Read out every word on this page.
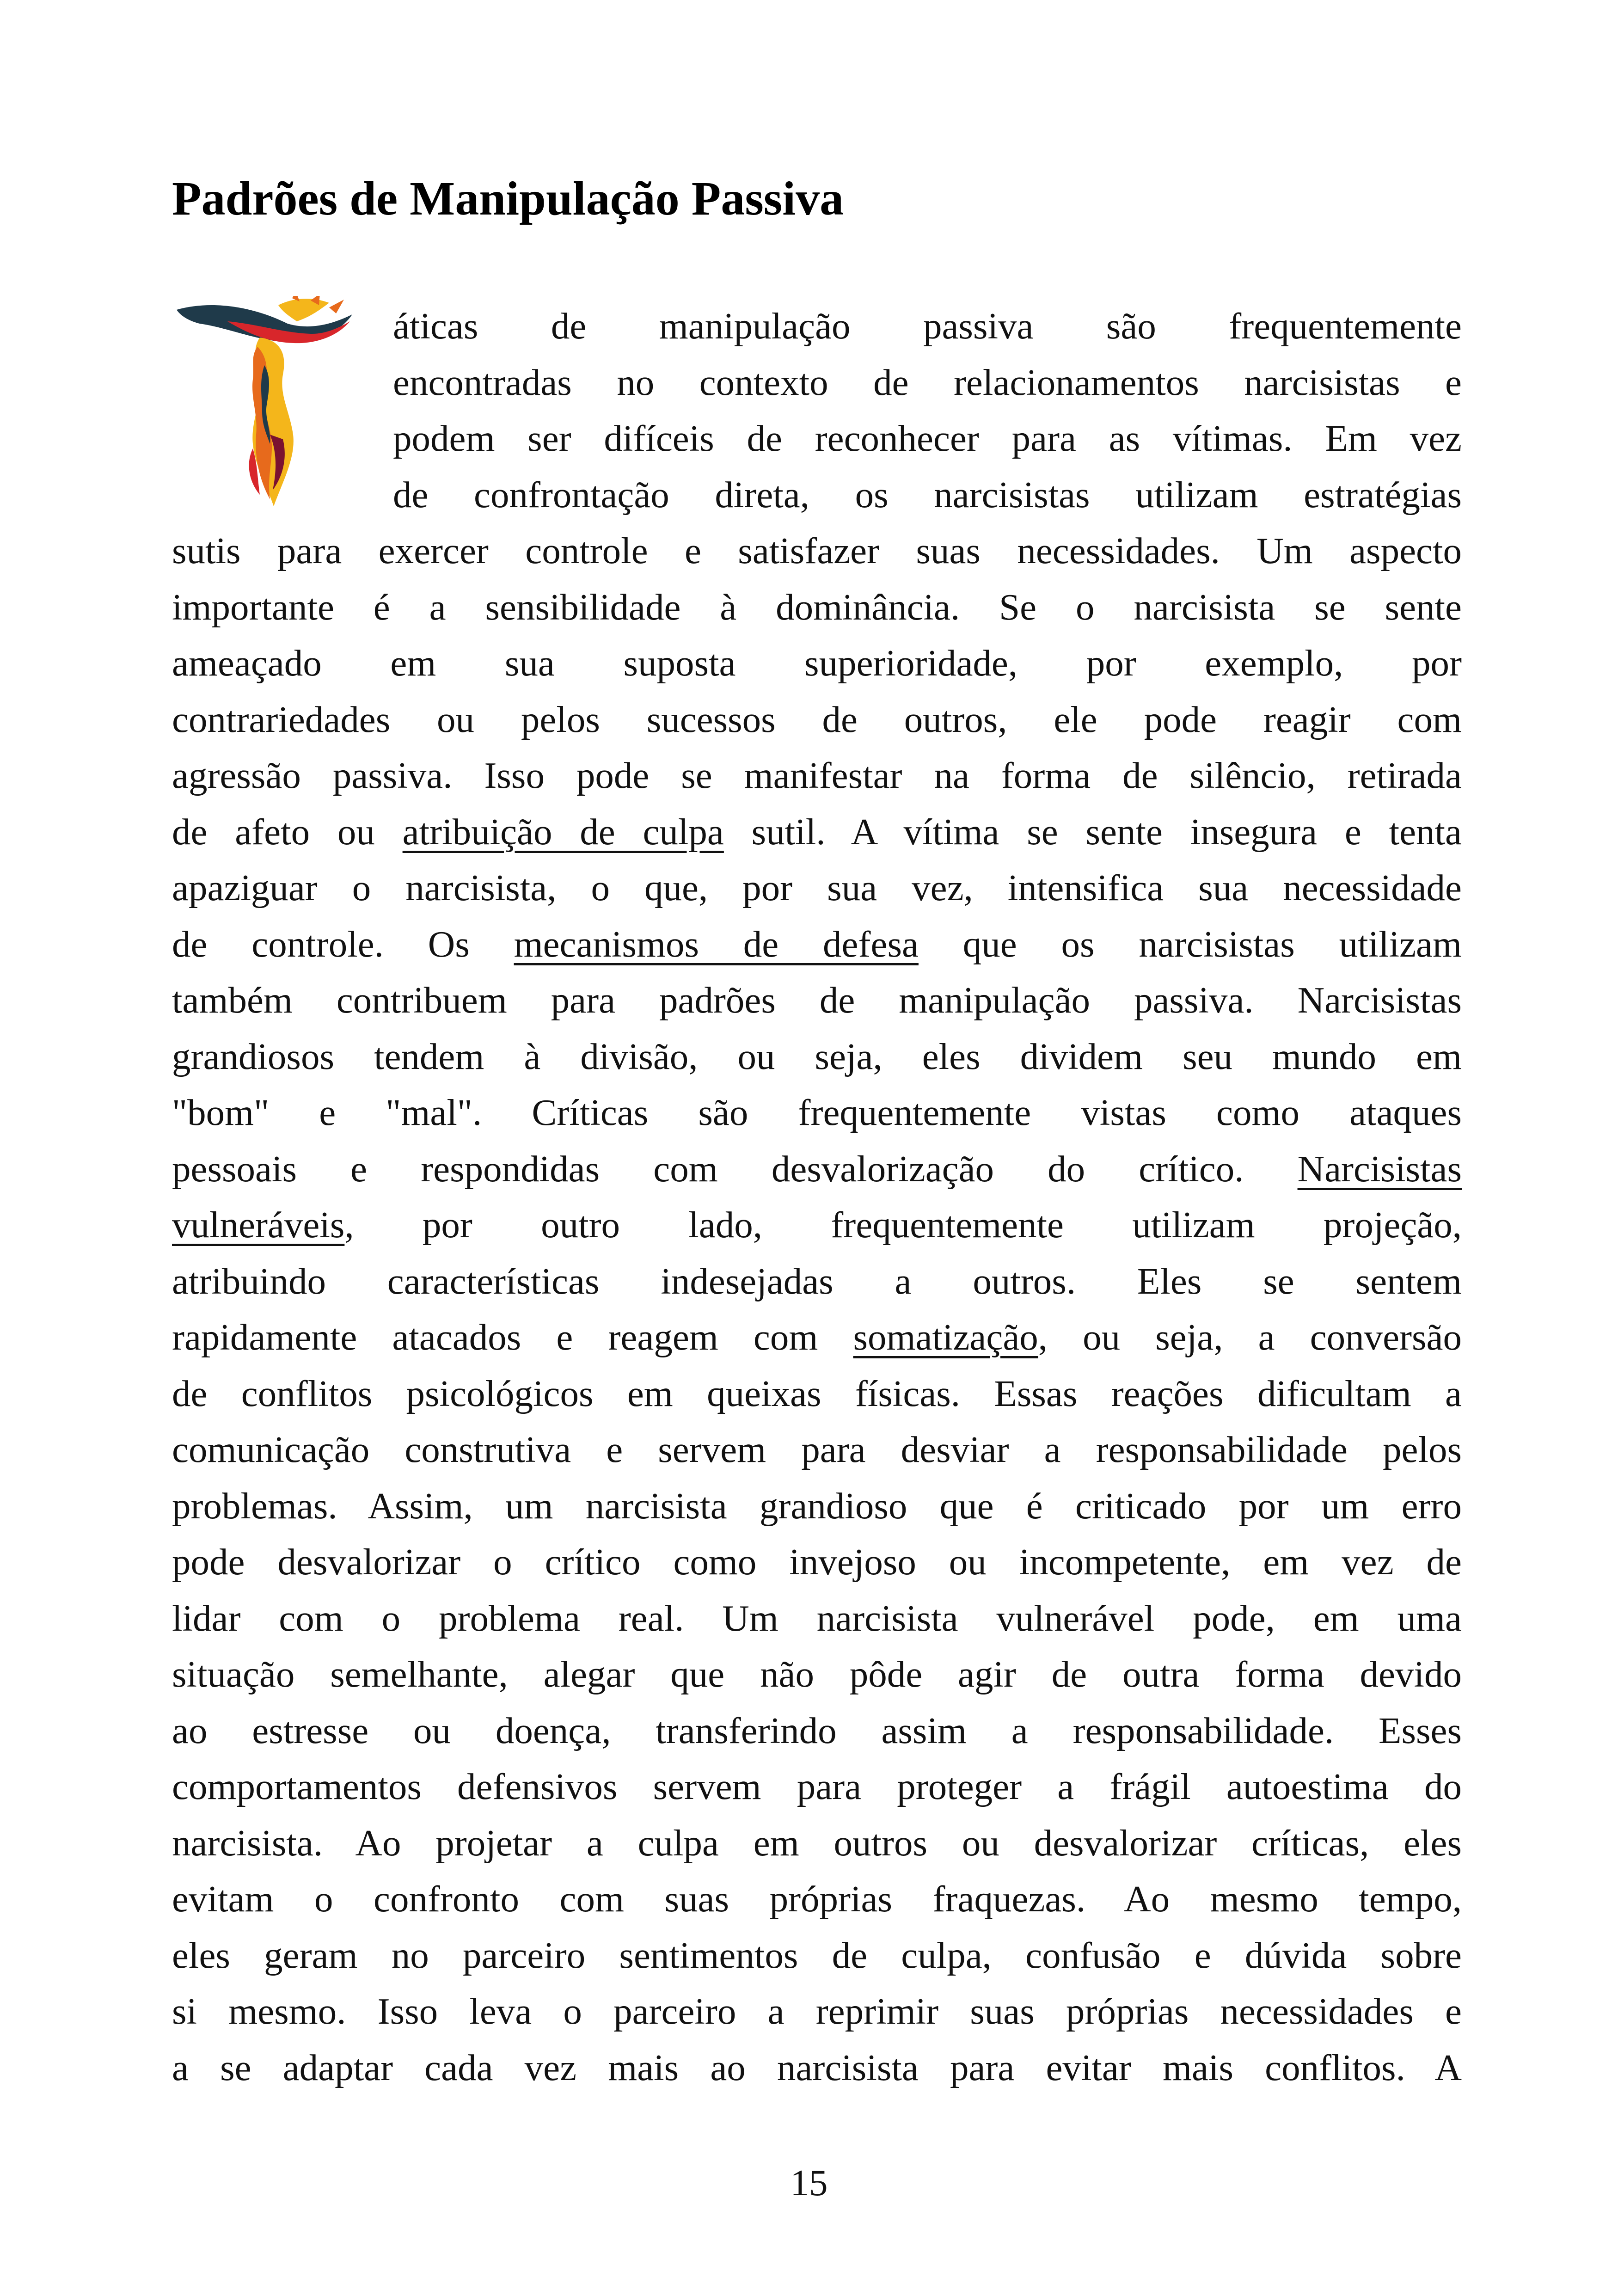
Padrões de Manipulação Passiva
áticas de manipulação passiva são frequentemente
encontradas no contexto de relacionamentos narcisistas e
podem ser difíceis de reconhecer para as vítimas. Em vez
de confrontação direta, os narcisistas utilizam estratégias
sutis para exercer controle e satisfazer suas necessidades. Um aspecto
importante é a sensibilidade à dominância. Se o narcisista se sente
ameaçado em sua suposta superioridade, por exemplo, por
contrariedades ou pelos sucessos de outros, ele pode reagir com
agressão passiva. Isso pode se manifestar na forma de silêncio, retirada
de afeto ou atribuição de culpa sutil. A vítima se sente insegura e tenta
apaziguar o narcisista, o que, por sua vez, intensifica sua necessidade
de controle. Os mecanismos de defesa que os narcisistas utilizam
também contribuem para padrões de manipulação passiva. Narcisistas
grandiosos tendem à divisão, ou seja, eles dividem seu mundo em
"bom" e "mal". Críticas são frequentemente vistas como ataques
pessoais e respondidas com desvalorização do crítico. Narcisistas
vulneráveis, por outro lado, frequentemente utilizam projeção,
atribuindo características indesejadas a outros. Eles se sentem
rapidamente atacados e reagem com somatização, ou seja, a conversão
de conflitos psicológicos em queixas físicas. Essas reações dificultam a
comunicação construtiva e servem para desviar a responsabilidade pelos
problemas. Assim, um narcisista grandioso que é criticado por um erro
pode desvalorizar o crítico como invejoso ou incompetente, em vez de
lidar com o problema real. Um narcisista vulnerável pode, em uma
situação semelhante, alegar que não pôde agir de outra forma devido
ao estresse ou doença, transferindo assim a responsabilidade. Esses
comportamentos defensivos servem para proteger a frágil autoestima do
narcisista. Ao projetar a culpa em outros ou desvalorizar críticas, eles
evitam o confronto com suas próprias fraquezas. Ao mesmo tempo,
eles geram no parceiro sentimentos de culpa, confusão e dúvida sobre
si mesmo. Isso leva o parceiro a reprimir suas próprias necessidades e
a se adaptar cada vez mais ao narcisista para evitar mais conflitos. A
15
